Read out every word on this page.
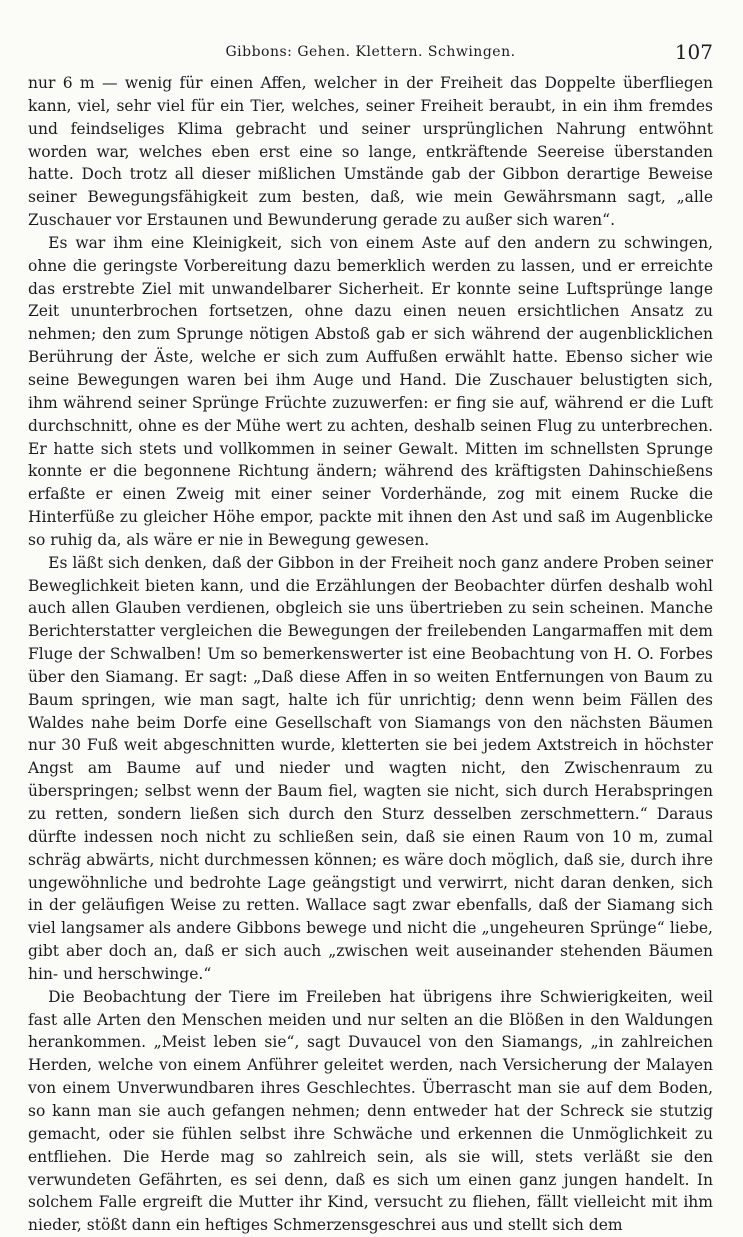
Gibbons: Gehen. Klettern. Schwingen.	107

nur 6 m — wenig für einen Affen, welcher in der Freiheit das Doppelte überfliegen kann, viel, sehr viel für ein Tier, welches, seiner Freiheit beraubt, in ein ihm fremdes und feindseliges Klima gebracht und seiner ursprünglichen Nahrung entwöhnt worden war, welches eben erst eine so lange, entkräftende Seereise überstanden hatte. Doch trotz all dieser mißlichen Umstände gab der Gibbon derartige Beweise seiner Bewegungsfähigkeit zum besten, daß, wie mein Gewährsmann sagt, „alle Zuschauer vor Erstaunen und Bewunderung gerade zu außer sich waren“.

Es war ihm eine Kleinigkeit, sich von einem Aste auf den andern zu schwingen, ohne die geringste Vorbereitung dazu bemerklich werden zu lassen, und er erreichte das erstrebte Ziel mit unwandelbarer Sicherheit. Er konnte seine Luftsprünge lange Zeit ununterbrochen fortsetzen, ohne dazu einen neuen ersichtlichen Ansatz zu nehmen; den zum Sprunge nötigen Abstoß gab er sich während der augenblicklichen Berührung der Äste, welche er sich zum Auffußen erwählt hatte. Ebenso sicher wie seine Bewegungen waren bei ihm Auge und Hand. Die Zuschauer belustigten sich, ihm während seiner Sprünge Früchte zuzuwerfen: er fing sie auf, während er die Luft durchschnitt, ohne es der Mühe wert zu achten, deshalb seinen Flug zu unterbrechen. Er hatte sich stets und vollkommen in seiner Gewalt. Mitten im schnellsten Sprunge konnte er die begonnene Richtung ändern; während des kräftigsten Dahinschießens erfaßte er einen Zweig mit einer seiner Vorderhände, zog mit einem Rucke die Hinterfüße zu gleicher Höhe empor, packte mit ihnen den Ast und saß im Augenblicke so ruhig da, als wäre er nie in Bewegung gewesen.

Es läßt sich denken, daß der Gibbon in der Freiheit noch ganz andere Proben seiner Beweglichkeit bieten kann, und die Erzählungen der Beobachter dürfen deshalb wohl auch allen Glauben verdienen, obgleich sie uns übertrieben zu sein scheinen. Manche Berichterstatter vergleichen die Bewegungen der freilebenden Langarmaffen mit dem Fluge der Schwalben! Um so bemerkenswerter ist eine Beobachtung von H. O. Forbes über den Siamang. Er sagt: „Daß diese Affen in so weiten Entfernungen von Baum zu Baum springen, wie man sagt, halte ich für unrichtig; denn wenn beim Fällen des Waldes nahe beim Dorfe eine Gesellschaft von Siamangs von den nächsten Bäumen nur 30 Fuß weit abgeschnitten wurde, kletterten sie bei jedem Axtstreich in höchster Angst am Baume auf und nieder und wagten nicht, den Zwischenraum zu überspringen; selbst wenn der Baum fiel, wagten sie nicht, sich durch Herabspringen zu retten, sondern ließen sich durch den Sturz desselben zerschmettern.“ Daraus dürfte indessen noch nicht zu schließen sein, daß sie einen Raum von 10 m, zumal schräg abwärts, nicht durchmessen können; es wäre doch möglich, daß sie, durch ihre ungewöhnliche und bedrohte Lage geängstigt und verwirrt, nicht daran denken, sich in der geläufigen Weise zu retten. Wallace sagt zwar ebenfalls, daß der Siamang sich viel langsamer als andere Gibbons bewege und nicht die „ungeheuren Sprünge“ liebe, gibt aber doch an, daß er sich auch „zwischen weit auseinander stehenden Bäumen hin- und herschwinge.“

Die Beobachtung der Tiere im Freileben hat übrigens ihre Schwierigkeiten, weil fast alle Arten den Menschen meiden und nur selten an die Blößen in den Waldungen herankommen. „Meist leben sie“, sagt Duvaucel von den Siamangs, „in zahlreichen Herden, welche von einem Anführer geleitet werden, nach Versicherung der Malayen von einem Unverwundbaren ihres Geschlechtes. Überrascht man sie auf dem Boden, so kann man sie auch gefangen nehmen; denn entweder hat der Schreck sie stutzig gemacht, oder sie fühlen selbst ihre Schwäche und erkennen die Unmöglichkeit zu entfliehen. Die Herde mag so zahlreich sein, als sie will, stets verläßt sie den verwundeten Gefährten, es sei denn, daß es sich um einen ganz jungen handelt. In solchem Falle ergreift die Mutter ihr Kind, versucht zu fliehen, fällt vielleicht mit ihm nieder, stößt dann ein heftiges Schmerzensgeschrei aus und stellt sich dem
